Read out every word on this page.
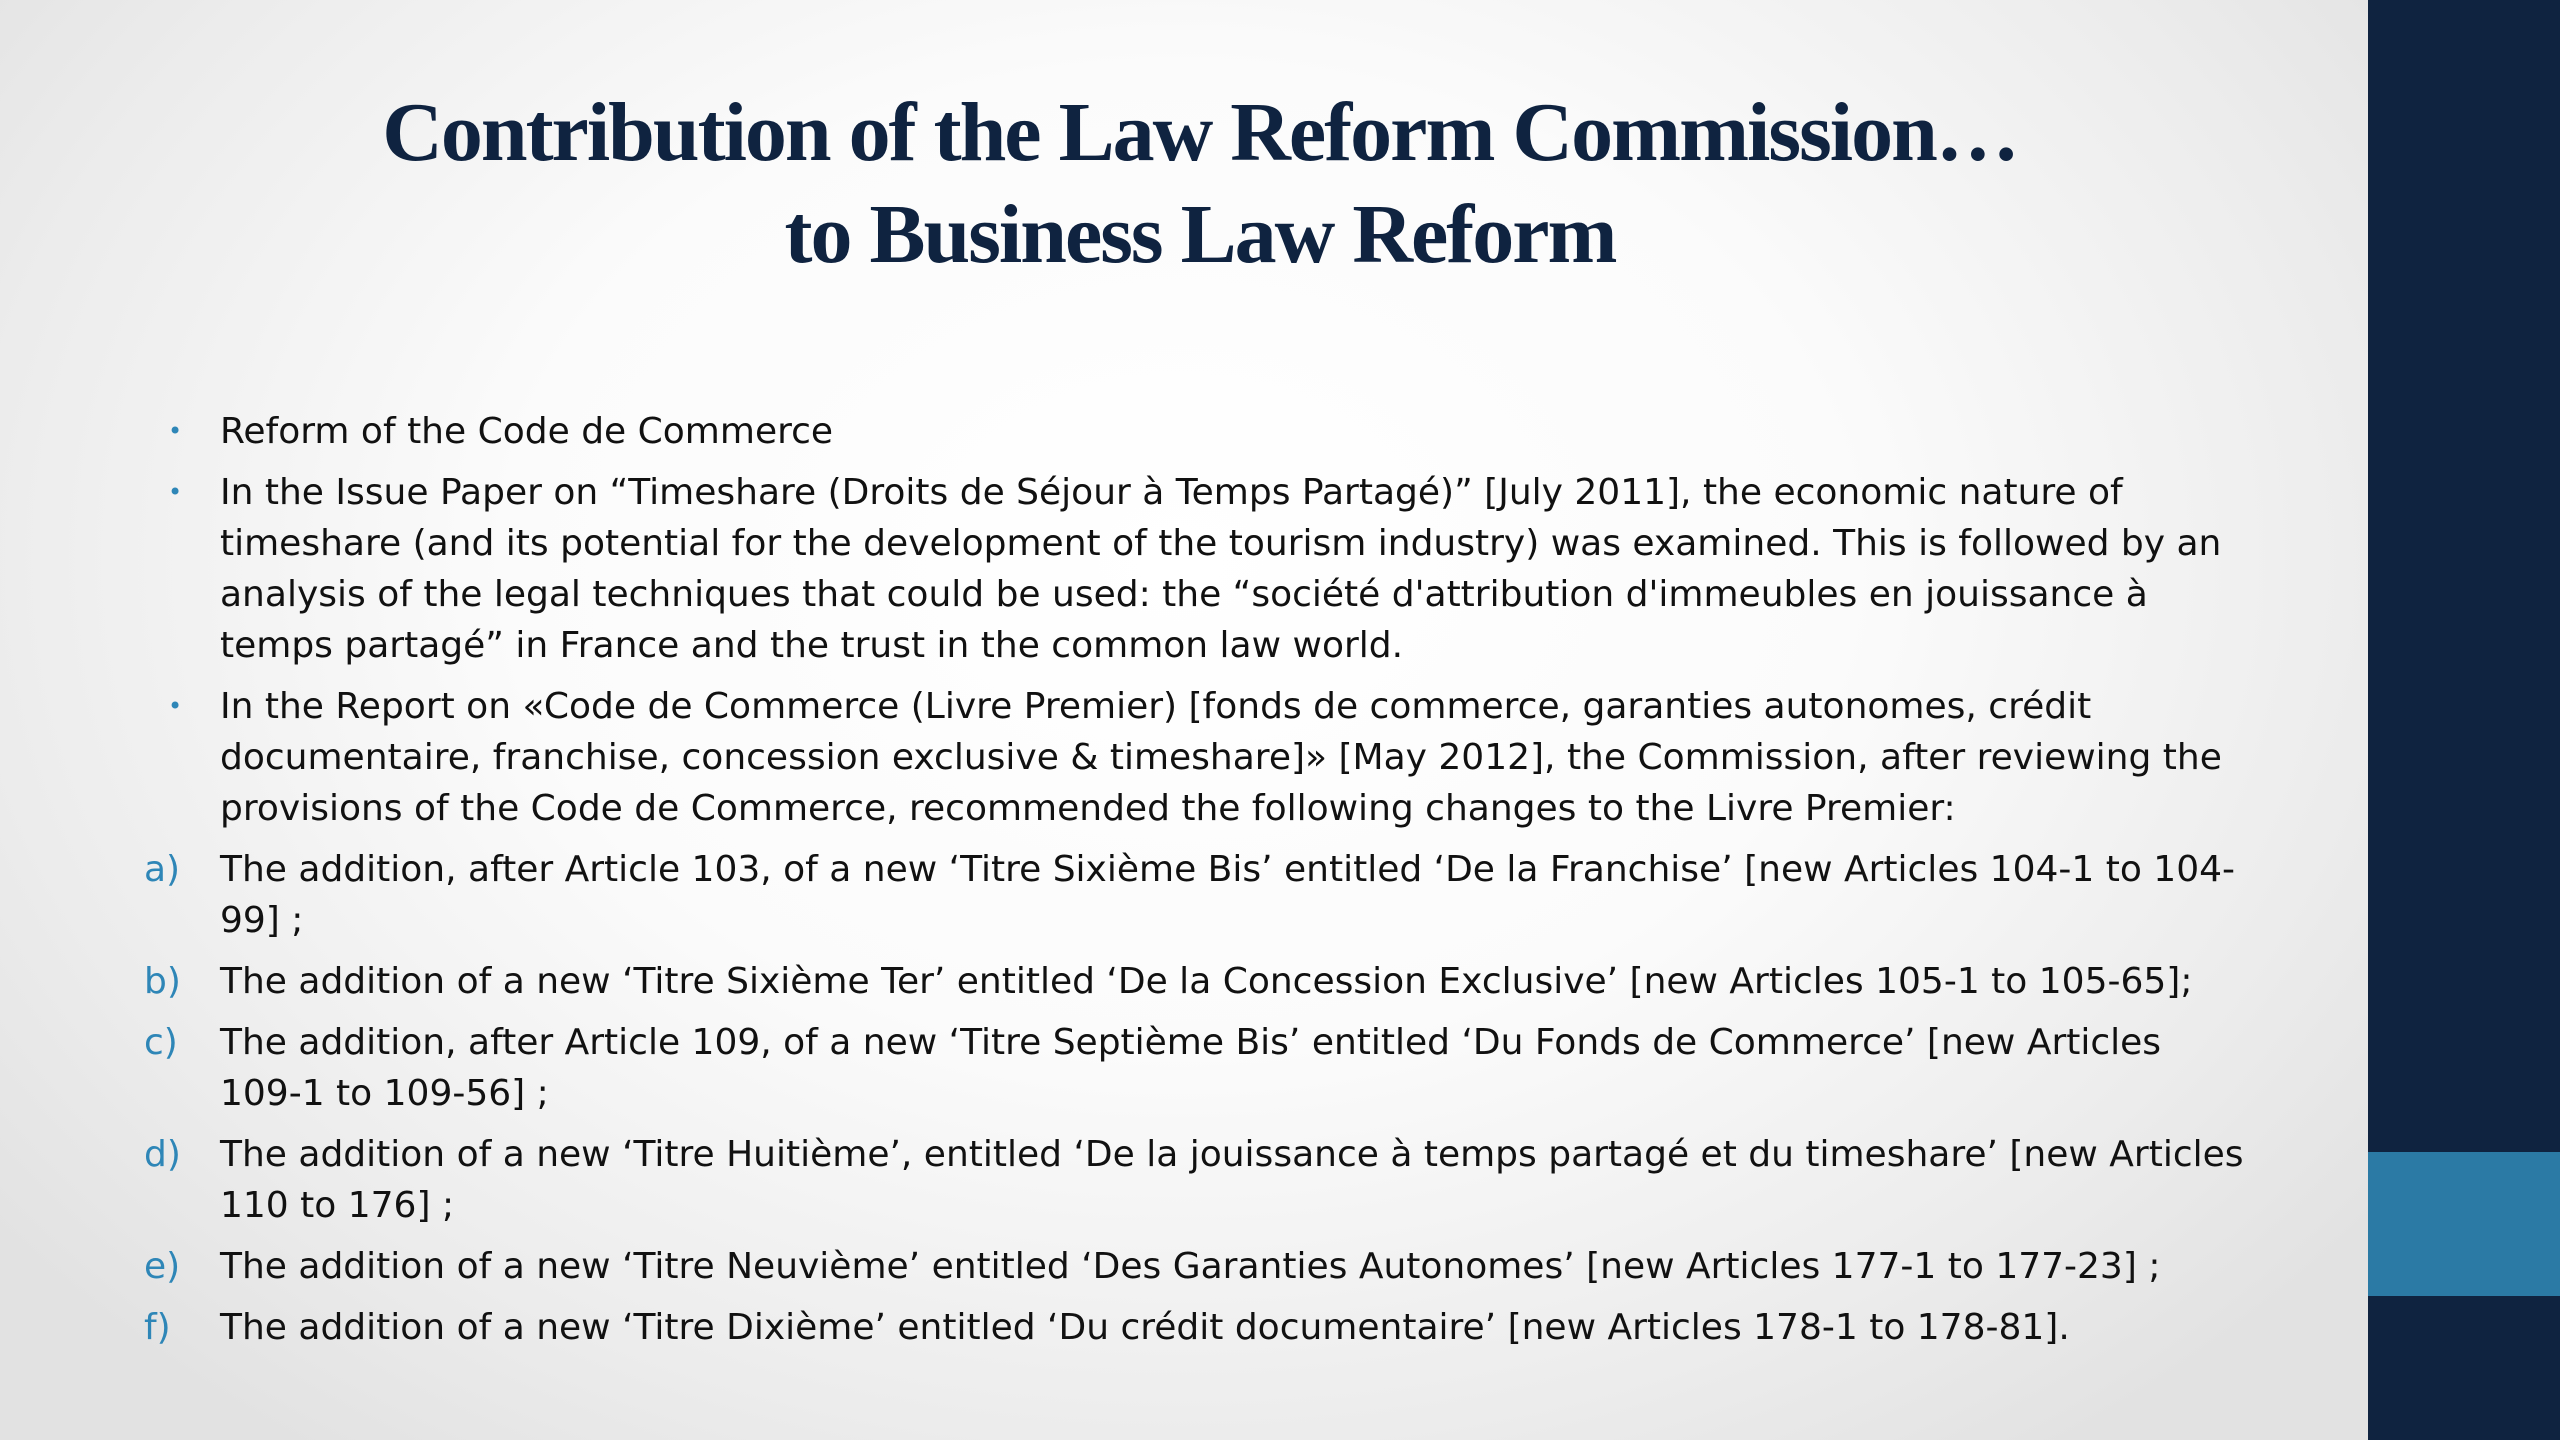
Contribution of the Law Reform Commission…
to Business Law Reform
•	Reform of the Code de Commerce
•	In the Issue Paper on “Timeshare (Droits de Séjour à Temps Partagé)” [July 2011], the economic nature of timeshare (and its potential for the development of the tourism industry) was examined. This is followed by an analysis of the legal techniques that could be used: the “société d'attribution d'immeubles en jouissance à temps partagé” in France and the trust in the common law world.
•	In the Report on «Code de Commerce (Livre Premier) [fonds de commerce, garanties autonomes, crédit documentaire, franchise, concession exclusive & timeshare]» [May 2012], the Commission, after reviewing the provisions of the Code de Commerce, recommended the following changes to the Livre Premier:
a)	The addition, after Article 103, of a new ‘Titre Sixième Bis’ entitled ‘De la Franchise’ [new Articles 104-1 to 104-99] ;
b)	The addition of a new ‘Titre Sixième Ter’ entitled ‘De la Concession Exclusive’ [new Articles 105-1 to 105-65];
c)	The addition, after Article 109, of a new ‘Titre Septième Bis’ entitled ‘Du Fonds de Commerce’ [new Articles 109-1 to 109-56] ;
d)	The addition of a new ‘Titre Huitième’, entitled ‘De la jouissance à temps partagé et du timeshare’ [new Articles 110 to 176] ;
e)	The addition of a new ‘Titre Neuvième’ entitled ‘Des Garanties Autonomes’ [new Articles 177-1 to 177-23] ;
f)	The addition of a new ‘Titre Dixième’ entitled ‘Du crédit documentaire’ [new Articles 178-1 to 178-81].
